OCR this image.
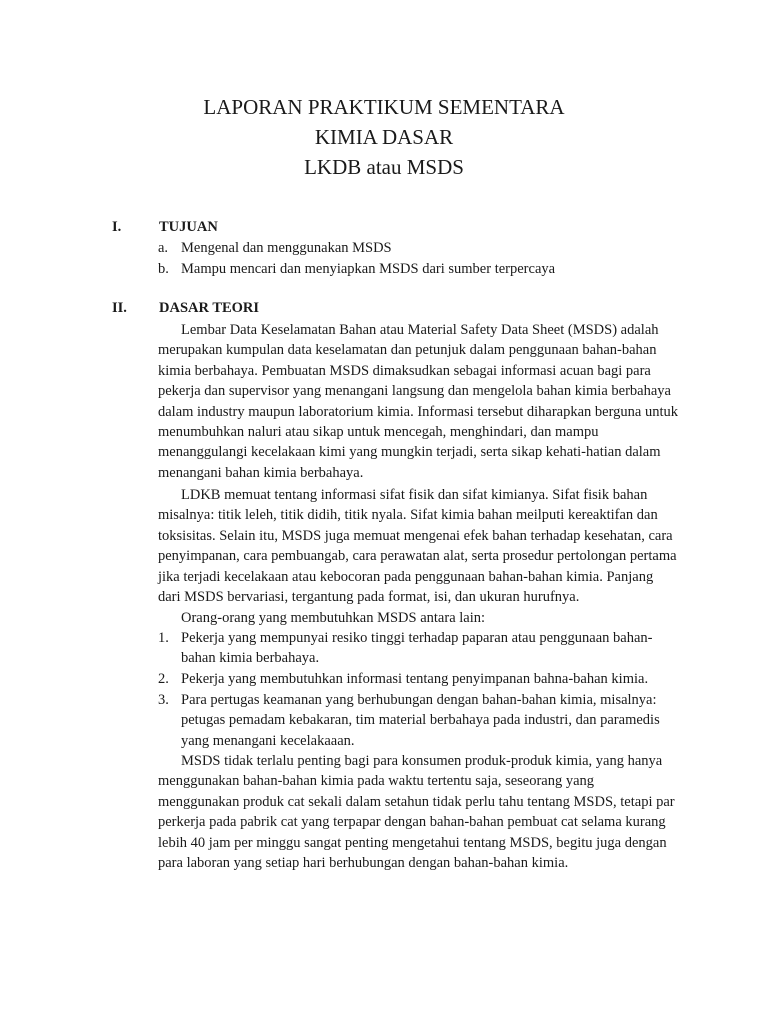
LAPORAN PRAKTIKUM SEMENTARA
KIMIA DASAR
LKDB atau MSDS
I.	TUJUAN
a. Mengenal dan menggunakan MSDS
b. Mampu mencari dan menyiapkan MSDS dari sumber terpercaya
II. DASAR TEORI
Lembar Data Keselamatan Bahan atau Material Safety Data Sheet (MSDS) adalah merupakan kumpulan data keselamatan dan petunjuk dalam penggunaan bahan-bahan kimia berbahaya. Pembuatan MSDS dimaksudkan sebagai informasi acuan bagi para pekerja dan supervisor yang menangani langsung dan mengelola bahan kimia berbahaya dalam industry maupun laboratorium kimia. Informasi tersebut diharapkan berguna untuk menumbuhkan naluri atau sikap untuk mencegah, menghindari, dan mampu menanggulangi kecelakaan kimi yang mungkin terjadi, serta sikap kehati-hatian dalam menangani bahan kimia berbahaya.
LDKB memuat tentang informasi sifat fisik dan sifat kimianya. Sifat fisik bahan misalnya: titik leleh, titik didih, titik nyala. Sifat kimia bahan meilputi kereaktifan dan toksisitas. Selain itu, MSDS juga memuat mengenai efek bahan terhadap kesehatan, cara penyimpanan, cara pembuangab, cara perawatan alat, serta prosedur pertolongan pertama jika terjadi kecelakaan atau kebocoran pada penggunaan bahan-bahan kimia. Panjang dari MSDS bervariasi, tergantung pada format, isi, dan ukuran hurufnya.
Orang-orang yang membutuhkan MSDS antara lain:
1. Pekerja yang mempunyai resiko tinggi terhadap paparan atau penggunaan bahan-bahan kimia berbahaya.
2. Pekerja yang membutuhkan informasi tentang penyimpanan bahna-bahan kimia.
3. Para pertugas keamanan yang berhubungan dengan bahan-bahan kimia, misalnya: petugas pemadam kebakaran, tim material berbahaya pada industri, dan paramedis yang menangani kecelakaaan.
MSDS tidak terlalu penting bagi para konsumen produk-produk kimia, yang hanya menggunakan bahan-bahan kimia pada waktu tertentu saja, seseorang yang menggunakan produk cat sekali dalam setahun tidak perlu tahu tentang MSDS, tetapi par perkerja pada pabrik cat yang terpapar dengan bahan-bahan pembuat cat selama kurang lebih 40 jam per minggu sangat penting mengetahui tentang MSDS, begitu juga dengan para laboran yang setiap hari berhubungan dengan bahan-bahan kimia.
